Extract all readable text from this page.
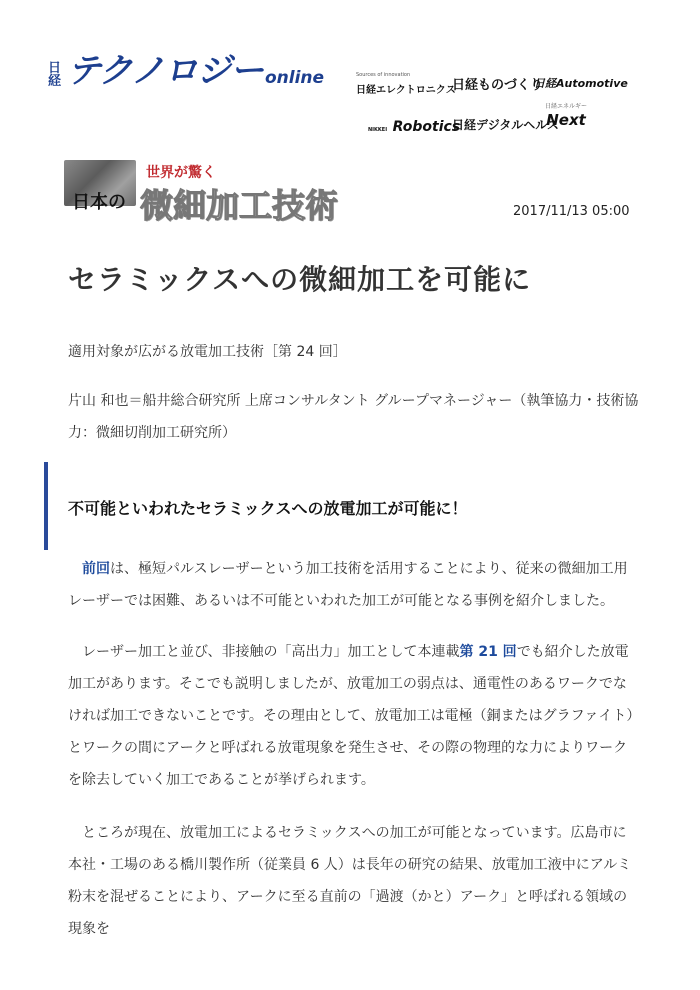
日経 テクノロジー online	Sources of innovation
日経エレクトロニクス
日経ものづくり
日経Automotive
NIKKEI Robotics
日経デジタルヘルス
日経エネルギー
Next
世界が驚く
日本の 微細加工技術	2017/11/13 05:00
セラミックスへの微細加工を可能に
適用対象が広がる放電加工技術［第 24 回］
片山 和也＝船井総合研究所 上席コンサルタント グループマネージャー（執筆協力・技術協力：微細切削加工研究所）
不可能といわれたセラミックスへの放電加工が可能に！

前回は、極短パルスレーザーという加工技術を活用することにより、従来の微細加工用レーザーでは困難、あるいは不可能といわれた加工が可能となる事例を紹介しました。

レーザー加工と並び、非接触の「高出力」加工として本連載第 21 回でも紹介した放電加工があります。そこでも説明しましたが、放電加工の弱点は、通電性のあるワークでなければ加工できないことです。その理由として、放電加工は電極（銅またはグラファイト）とワークの間にアークと呼ばれる放電現象を発生させ、その際の物理的な力によりワークを除去していく加工であることが挙げられます。

ところが現在、放電加工によるセラミックスへの加工が可能となっています。広島市に本社・工場のある橋川製作所（従業員 6 人）は長年の研究の結果、放電加工液中にアルミ粉末を混ぜることにより、アークに至る直前の「過渡（かと）アーク」と呼ばれる領域の現象を
